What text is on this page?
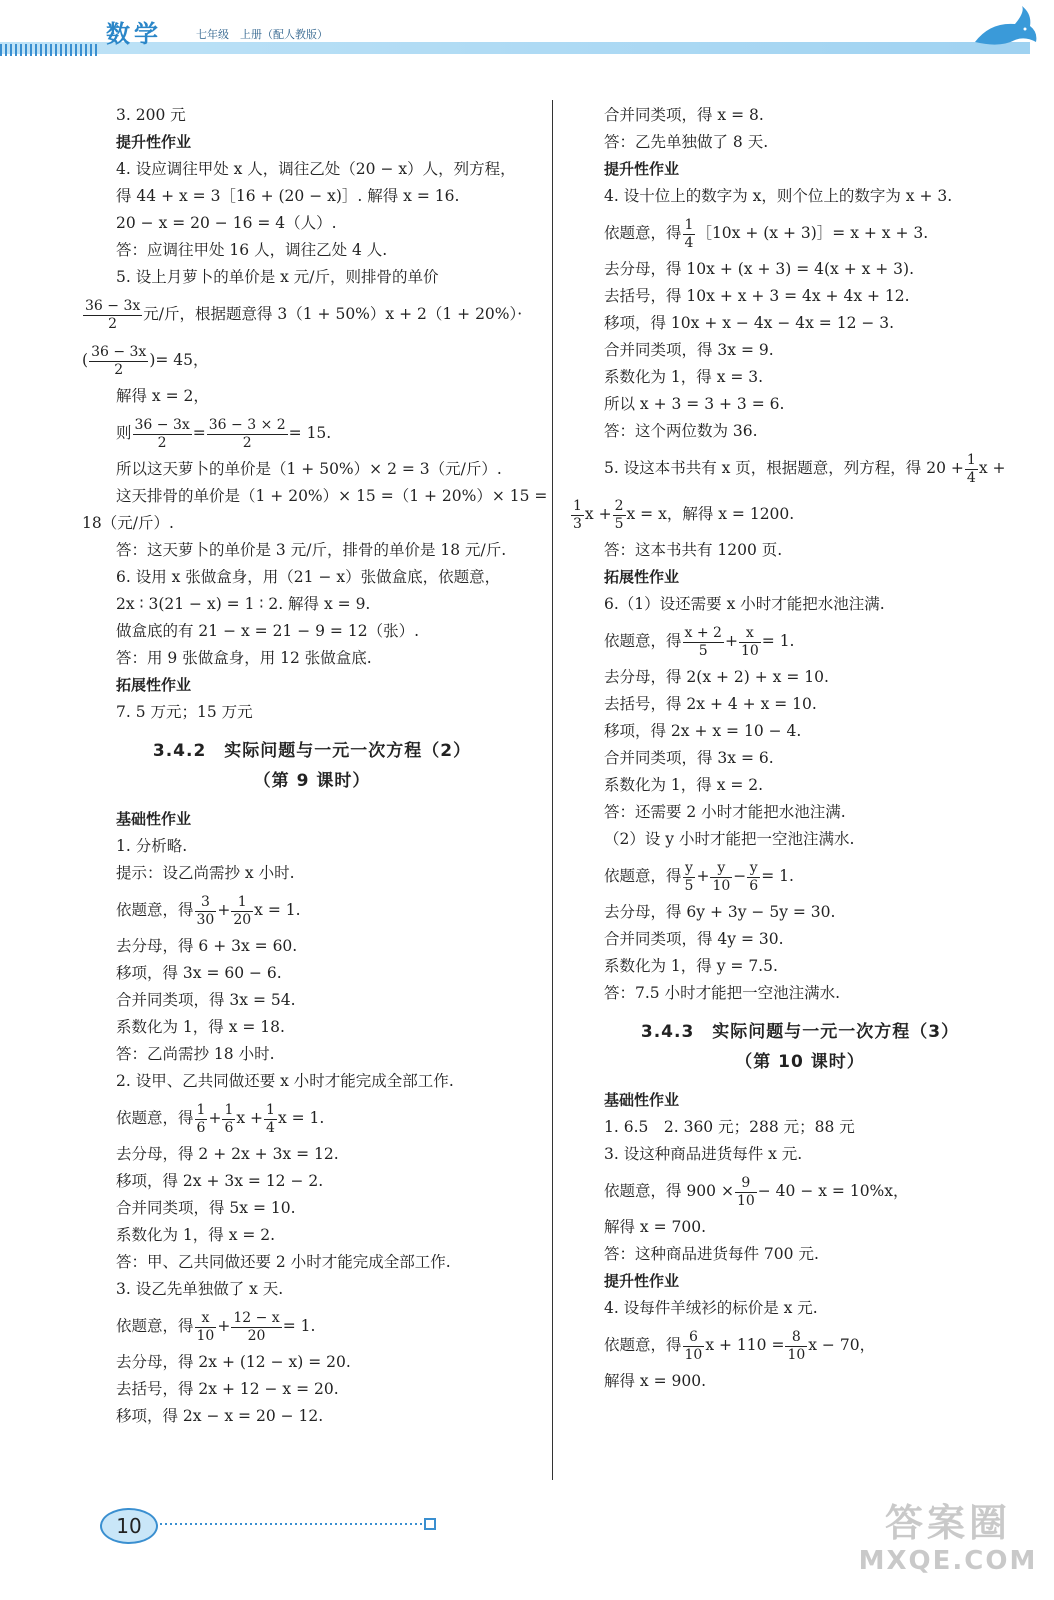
数学	七年级　上册（配人教版）
3. 200 元
提升性作业
4. 设应调往甲处 x 人，调往乙处（20 − x）人，列方程，
得 44 + x = 3［16 + (20 − x)］. 解得 x = 16.
20 − x = 20 − 16 = 4（人）.
答：应调往甲处 16 人，调往乙处 4 人.
5. 设上月萝卜的单价是 x 元/斤，则排骨的单价
$\frac{36 - 3x}{2}$ 元/斤，根据题意得 3（1 + 50%）x + 2（1 + 20%）·
( $\frac{36 - 3x}{2}$ )= 45，
解得 x = 2，
则 $\frac{36 - 3x}{2} = \frac{36 - 3 \times 2}{2} = 15$.
所以这天萝卜的单价是（1 + 50%）× 2 = 3（元/斤）.
这天排骨的单价是（1 + 20%）× 15 =（1 + 20%）× 15 =
18（元/斤）.
答：这天萝卜的单价是 3 元/斤，排骨的单价是 18 元/斤.
6. 设用 x 张做盒身，用（21 − x）张做盒底，依题意，
2x ∶ 3(21 − x) = 1 ∶ 2. 解得 x = 9.
做盒底的有 21 − x = 21 − 9 = 12（张）.
答：用 9 张做盒身，用 12 张做盒底.
拓展性作业
7. 5 万元；15 万元
3.4.2　实际问题与一元一次方程（2）
（第 9 课时）
基础性作业
1. 分析略.
提示：设乙尚需抄 x 小时.
依题意，得 $\frac{3}{30} + \frac{1}{20}$ x = 1.
去分母，得 6 + 3x = 60.
移项，得 3x = 60 − 6.
合并同类项，得 3x = 54.
系数化为 1，得 x = 18.
答：乙尚需抄 18 小时.
2. 设甲、乙共同做还要 x 小时才能完成全部工作.
依题意，得 $\frac{1}{6} + \frac{1}{6}$ $x + \frac{1}{4}$ x = 1.
去分母，得 2 + 2x + 3x = 12.
移项，得 2x + 3x = 12 − 2.
合并同类项，得 5x = 10.
系数化为 1，得 x = 2.
答：甲、乙共同做还要 2 小时才能完成全部工作.
3. 设乙先单独做了 x 天.
依题意，得 $\frac{x}{10} + \frac{12 - x}{20} = 1$.
去分母，得 2x + (12 − x) = 20.
去括号，得 2x + 12 − x = 20.
移项，得 2x − x = 20 − 12.
合并同类项，得 x = 8.
答：乙先单独做了 8 天.
提升性作业
4. 设十位上的数字为 x，则个位上的数字为 x + 3.
依题意，得 $\frac{1}{4}$ ［10x + (x + 3)］= x + x + 3.
去分母，得 10x + (x + 3) = 4(x + x + 3).
去括号，得 10x + x + 3 = 4x + 4x + 12.
移项，得 10x + x − 4x − 4x = 12 − 3.
合并同类项，得 3x = 9.
系数化为 1，得 x = 3.
所以 x + 3 = 3 + 3 = 6.
答：这个两位数为 36.
5. 设这本书共有 x 页，根据题意，列方程，得 $20 + \frac{1}{4}$ x +
$\frac{1}{3}$ $x + \frac{2}{5}$ x = x，解得 x = 1200.
答：这本书共有 1200 页.
拓展性作业
6.（1）设还需要 x 小时才能把水池注满.
依题意，得 $\frac{x + 2}{5} + \frac{x}{10} = 1$.
去分母，得 2(x + 2) + x = 10.
去括号，得 2x + 4 + x = 10.
移项，得 2x + x = 10 − 4.
合并同类项，得 3x = 6.
系数化为 1，得 x = 2.
答：还需要 2 小时才能把水池注满.
（2）设 y 小时才能把一空池注满水.
依题意，得 $\frac{y}{5} + \frac{y}{10} - \frac{y}{6} = 1$.
去分母，得 6y + 3y − 5y = 30.
合并同类项，得 4y = 30.
系数化为 1，得 y = 7.5.
答：7.5 小时才能把一空池注满水.
3.4.3　实际问题与一元一次方程（3）
（第 10 课时）
基础性作业
1. 6.5　2. 360 元；288 元；88 元
3. 设这种商品进货每件 x 元.
依题意，得 $900 \times \frac{9}{10} - 40 - x = 10\%x$，
解得 x = 700.
答：这种商品进货每件 700 元.
提升性作业
4. 设每件羊绒衫的标价是 x 元.
依题意，得 $\frac{6}{10}$ $x + 110 = \frac{8}{10}$ x − 70，
解得 x = 900.
10	答案圈
MXQE.COM
